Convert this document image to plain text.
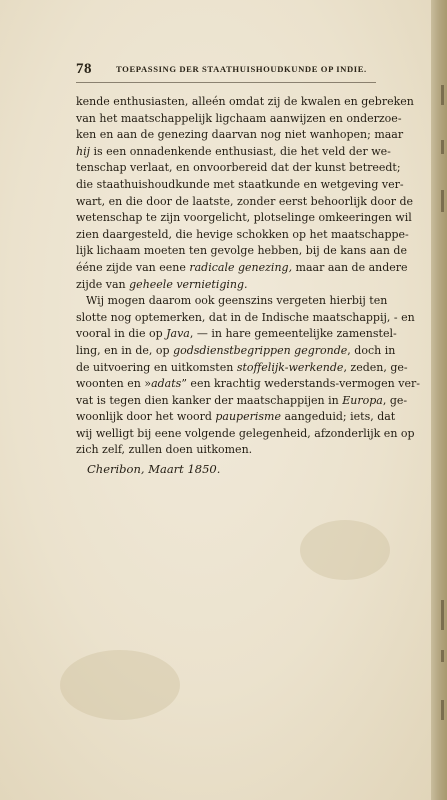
78	TOEPASSING DER STAATHUISHOUDKUNDE OP INDIE.
kende enthusiasten, alleén omdat zij de kwalen en gebreken
van het maatschappelijk ligchaam aanwijzen en onderzoe-
ken en aan de genezing daarvan nog niet wanhopen; maar
hij is een onnadenkende enthusiast, die het veld der we-
tenschap verlaat, en onvoorbereid dat der kunst betreedt;
die staathuishoudkunde met staatkunde en wetgeving ver-
wart, en die door de laatste, zonder eerst behoorlijk door de
wetenschap te zijn voorgelicht, plotselinge omkeeringen wil
zien daargesteld, die hevige schokken op het maatschappe-
lijk lichaam moeten ten gevolge hebben, bij de kans aan de
ééne zijde van eene radicale genezing, maar aan de andere
zijde van geheele vernietiging.
Wij mogen daarom ook geenszins vergeten hierbij ten
slotte nog optemerken, dat in de Indische maatschappij, - en
vooral in die op Java, — in hare gemeentelijke zamenstel-
ling, en in de, op godsdienstbegrippen gegronde, doch in
de uitvoering en uitkomsten stoffelijk-werkende, zeden, ge-
woonten en »adats” een krachtig wederstands-vermogen ver-
vat is tegen dien kanker der maatschappijen in Europa, ge-
woonlijk door het woord pauperisme aangeduid; iets, dat
wij welligt bij eene volgende gelegenheid, afzonderlijk en op
zich zelf, zullen doen uitkomen.
Cheribon, Maart 1850.
